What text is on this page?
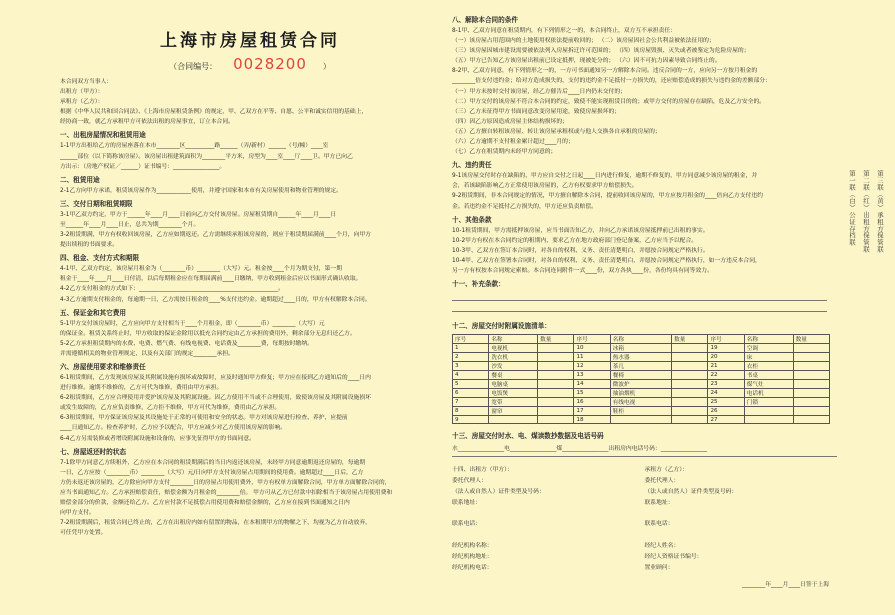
上海市房屋租赁合同
（合同编号： 0028200 ）
本合同双方当事人：
出租方（甲方）：
承租方（乙方）：
根据《中华人民共和国合同法》、《上海市房屋租赁条例》的规定，甲、乙双方在平等、自愿、公平和诚实信用的基础上，
经协商一致，就乙方承租甲方可依法出租的房屋事宜，订立本合同。
一、出租房屋情况和租赁用途
1-1甲方出租给乙方的房屋座落在本市________区__________路______（弄/新村）______（号/幢）____室
______部位（以下简称该房屋）。该房屋出租建筑面积为________平方米，房型为____室____厅____卫。甲方已向乙
方出示：（房地产权证／______）证书编号：________________。
二、租赁用途
2-1乙方向甲方承诺，租赁该房屋作为____________使用，并遵守国家和本市有关房屋使用和物业管理的规定。
三、交付日期和租赁期限
3-1甲乙双方约定，甲方于______年____月____日前向乙方交付该房屋。房屋租赁期自______年____月____日
至______年____月____日止，总共为期________个月。
3-2租赁期满，甲方有权收回该房屋，乙方应如期返还。乙方需继续承租该房屋的，则应于租赁期届满前____个月，向甲方
提出续租的书面要求。
四、租金、支付方式和期限
4-1甲、乙双方约定，该房屋月租金为（________币）________（大写）元。租金按____个月为期支付，第一期
租金于____年____月____日付清，以后每期租金应在每期届满前____日缴纳，甲方收到租金后应以书面形式确认收取。
4-2乙方支付租金的方式如下：________________________________________________。
4-3乙方逾期支付租金的，每逾期一日，乙方需按日租金的____%支付违约金。逾期超过____日的，甲方有权解除本合同。
五、保证金和其它费用
5-1甲方交付该房屋时，乙方应向甲方支付相当于____个月租金，即（________币）________（大写）元
的保证金。租赁关系终止时，甲方收取的保证金除用以抵充合同约定由乙方承担的费用外，剩余部分无息归还乙方。
5-2乙方承担租赁期内的水费、电费、燃气费、有线电视费、电话费及________费，每期按时缴纳。
并需遵循相关的物业管理规定，以及有关部门的规定________承担。
六、房屋使用要求和维修责任
6-1租赁期间，乙方发现该房屋及其附属设施有损坏或故障时，应及时通知甲方修复；甲方应在接到乙方通知后的____日内
进行维修。逾期不维修的，乙方可代为维修，费用由甲方承担。
6-2租赁期间，乙方应合理使用并爱护该房屋及其附属设施。因乙方使用不当或不合理使用，致使该房屋及其附属设施损坏
或发生故障的，乙方应负责维修，乙方拒不维修，甲方可代为维修，费用由乙方承担。
6-3租赁期间，甲方保证该房屋及其设施处于正常的可使用和安全的状态。甲方对该房屋进行检查、养护，应提前
____日通知乙方。检查养护时，乙方应予以配合，甲方应减少对乙方使用该房屋的影响。
6-4乙方另需装修或者增设附属设施和设备的，应事先征得甲方的书面同意。
七、房屋返还时的状态
7-1除甲方同意乙方续租外，乙方应在本合同的租赁期满后的当日内返还该房屋，未经甲方同意逾期返还房屋的，每逾期
一日，乙方应按（________币）________（大写）元/日向甲方支付该房屋占用期间的使用费。逾期超过____日后，乙方
方仍未返还该房屋的，乙方除应向甲方支付________日的房屋占用使用费外，甲方有权单方面解除合同，甲方单方面解除合同的，
应当书面通知乙方。乙方承担赔偿责任，赔偿金额为月租金的________倍。 甲方可从乙方已付款中扣除相当于该房屋占用使用费和
赔偿金部分的价款，金额还给乙方。乙方应付款不足抵偿占用使用费和赔偿金额的，乙方应在接到书面通知之日内
向甲方支付。
7-2租赁期满后，租赁合同已终止的，乙方在出租房内如有留置的物品，在本租期甲方的物解之下，均视为乙方自动放弃，
可任凭甲方处置。
八、解除本合同的条件
8-1甲、乙双方同意在租赁期内，有下列情形之一的，本合同终止，双方互不承担责任：
（一）该房屋占用范围内的土地使用权依法提前收回的； （二）该房屋因社会公共利益被依法征用的；
（三）该房屋因城市建设需要被依法列入房屋拆迁许可范围的； （四）该房屋毁损、灭失或者被鉴定为危险房屋的；
（五）甲方已告知乙方该房屋出租前已设定抵押，现被处分的； （六）因不可抗力因素导致合同终止的。
8-2甲、乙双方同意，有下列情形之一的，一方可书面通知另一方解除本合同。违反合同的一方，应向另一方按月租金的
________倍支付违约金；给对方造成损失的，支付的违约金不足抵付一方损失的，还应赔偿造成的损失与违约金的差额部分：
（一）甲方未按时交付该房屋，经乙方催告后____日内仍未交付的；
（二）甲方交付的该房屋不符合本合同的约定，致使不能实现租赁目的的；或甲方交付的房屋存在缺陷，危及乙方安全的。
（三）乙方未征得甲方书面同意改变房屋用途，致使房屋损坏的；
（四）因乙方原因造成房屋主体结构损坏的；
（五）乙方擅自转租该房屋、转让该房屋承租权或与他人交换各自承租的房屋的；
（六）乙方逾期不支付租金累计超过____月的；
（七）乙方在租赁期内未经甲方同意的；
九、违约责任
9-1该房屋交付时存在缺陷的，甲方应自交付之日起____日内进行修复，逾期不修复的，甲方同意减少该房屋的租金，并
会，若该缺陷影响乙方正常使用该房屋的，乙方有权要求甲方赔偿损失。
9-2租赁期间，非本合同规定的情况，甲方擅自解除本合同，提前收回该房屋的，甲方应按月租金的____倍向乙方支付违约
金。若违约金不足抵付乙方损失的，甲方还应负责赔偿。
十、其他条款
10-1租赁期间，甲方需抵押该房屋，应当书面告知乙方，并向乙方承诺该房屋抵押前已出租的事实。
10-2甲方有权在本合同约定的租期内，要求乙方在地方政府部门登记备案，乙方应当予以配合。
10-3甲、乙双方在签订本合同时，对各自的权利、义务、责任清楚明白，并愿按合同规定严格执行。
10-4甲、乙双方在签署本合同时，对各自的权利、义务、责任清楚明白，并愿按合同规定严格执行，如一方违反本合同，
另一方有权按本合同规定索赔。本合同连同附件一式____份，双方各执____份，各份均具有同等效力。
十一、补充条款：
十二、房屋交付时附属设施清单：
序号	名称	数量	序号	名称	数量	序号	名称	数量
1	电视机		10	冰箱		19	空调	
2	洗衣机		11	热水器		20	床	
3	沙发		12	茶几		21	衣柜	
4	餐桌		13	餐椅		22	书桌	
5	电脑桌		14	微波炉		23	煤气灶	
6	电饭煲		15	抽油烟机		24	电话机	
7	宽带		16	有线电视		25	门锁	
8	窗帘		17	鞋柜		26		
9			18			27		
十三、房屋交付时水、电、煤读数抄数据及电话号码
水________________电________________煤________________出租房内电话号码：________________
十四、出租方（甲方）：
委托代理人：
（法人或自然人）证件类型及号码：
联系地址：

联系电话：

经纪机构名称：
经纪机构地址：
经纪机构电话：
承租方（乙方）：
委托代理人：
（法人或自然人）证件类型及号码：
联系地址：

联系电话：

经纪人姓名：
经纪人资格证书编号：
置业顾问：
________年____月____日签于上海
第一联（白）公证存档联 第二联（红）出租方保管联 第三联（黄）承租方保管联
